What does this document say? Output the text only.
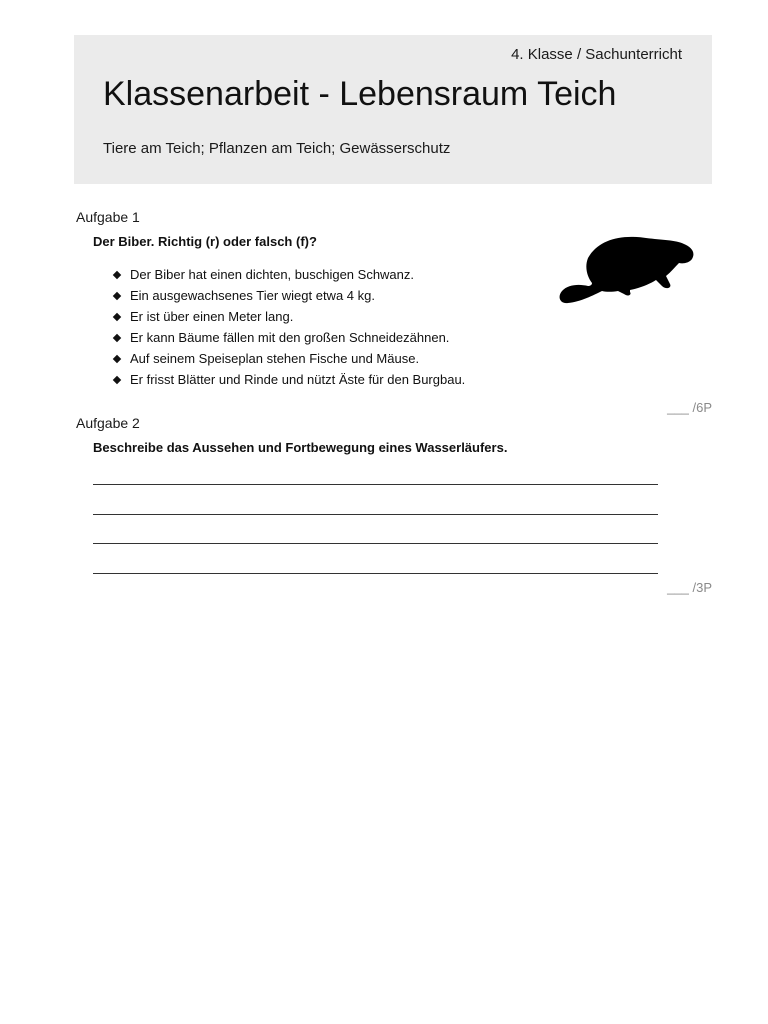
4. Klasse / Sachunterricht
Klassenarbeit - Lebensraum Teich
Tiere am Teich; Pflanzen am Teich; Gewässerschutz
Aufgabe 1
Der Biber. Richtig (r) oder falsch (f)?
Der Biber hat einen dichten, buschigen Schwanz.
Ein ausgewachsenes Tier wiegt etwa 4 kg.
Er ist über einen Meter lang.
Er kann Bäume fällen mit den großen Schneidezähnen.
Auf seinem Speiseplan stehen Fische und Mäuse.
Er frisst Blätter und Rinde und nützt Äste für den Burgbau.
___ /6P
Aufgabe 2
Beschreibe das Aussehen und Fortbewegung eines Wasserläufers.
___ /3P
